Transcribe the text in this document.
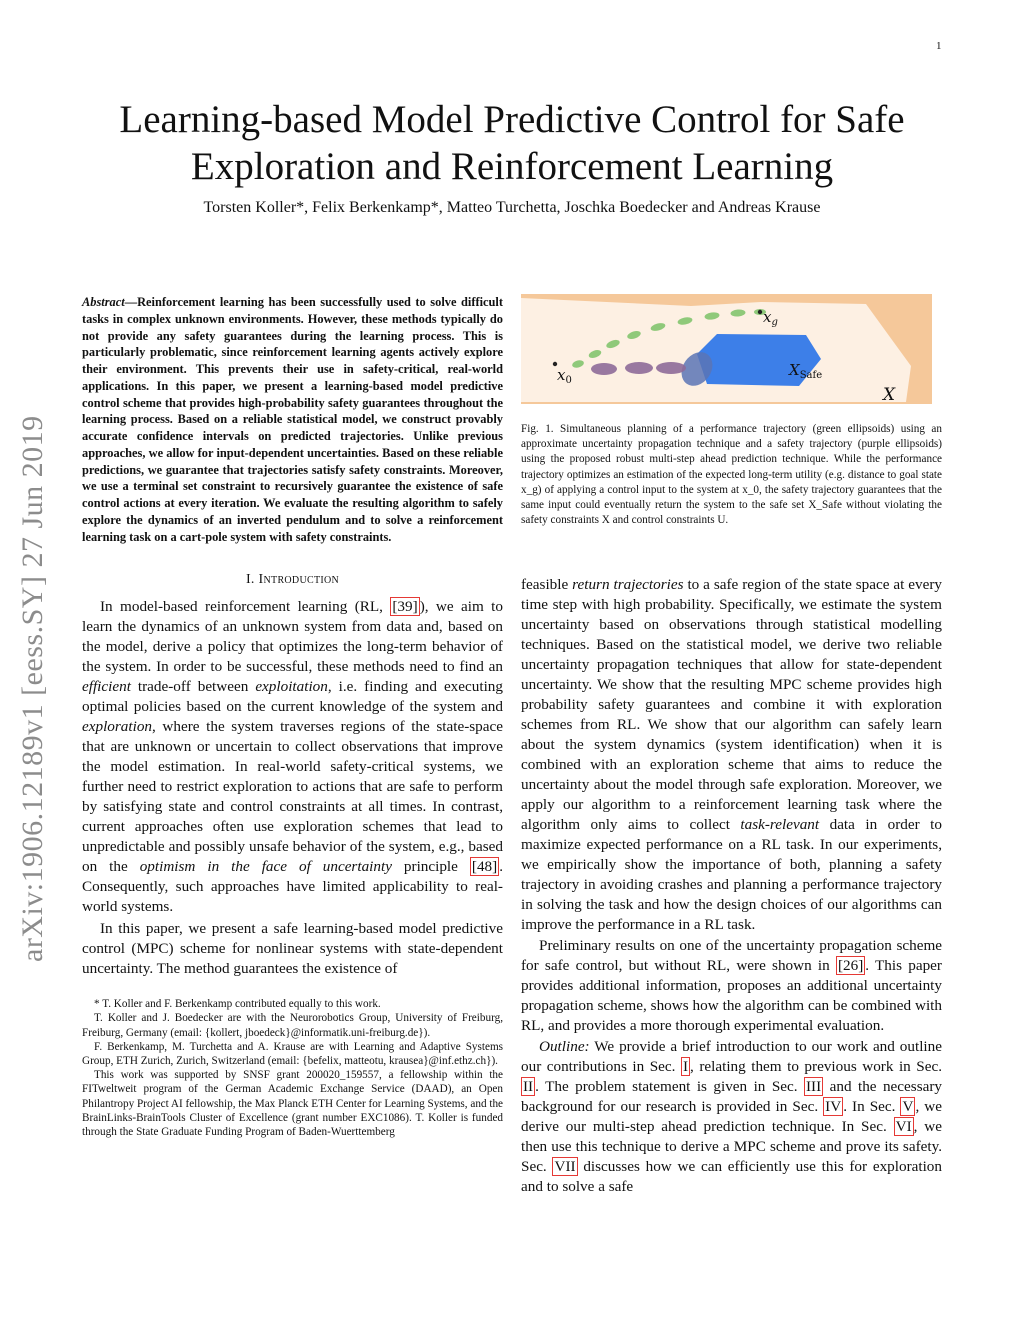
1
arXiv:1906.12189v1 [eess.SY] 27 Jun 2019
Learning-based Model Predictive Control for Safe
Exploration and Reinforcement Learning
Torsten Koller*, Felix Berkenkamp*, Matteo Turchetta, Joschka Boedecker and Andreas Krause
Abstract—Reinforcement learning has been successfully used to solve difficult tasks in complex unknown environments. However, these methods typically do not provide any safety guarantees during the learning process. This is particularly problematic, since reinforcement learning agents actively explore their environment. This prevents their use in safety-critical, real-world applications. In this paper, we present a learning-based model predictive control scheme that provides high-probability safety guarantees throughout the learning process. Based on a reliable statistical model, we construct provably accurate confidence intervals on predicted trajectories. Unlike previous approaches, we allow for input-dependent uncertainties. Based on these reliable predictions, we guarantee that trajectories satisfy safety constraints. Moreover, we use a terminal set constraint to recursively guarantee the existence of safe control actions at every iteration. We evaluate the resulting algorithm to safely explore the dynamics of an inverted pendulum and to solve a reinforcement learning task on a cart-pole system with safety constraints.
I. Introduction

In model-based reinforcement learning (RL, [39] ), we aim to learn the dynamics of an unknown system from data and, based on the model, derive a policy that optimizes the long-term behavior of the system. In order to be successful, these methods need to find an efficient trade-off between exploitation, i.e. finding and executing optimal policies based on the current knowledge of the system and exploration, where the system traverses regions of the state-space that are unknown or uncertain to collect observations that improve the model estimation. In real-world safety-critical systems, we further need to restrict exploration to actions that are safe to perform by satisfying state and control constraints at all times. In contrast, current approaches often use exploration schemes that lead to unpredictable and possibly unsafe behavior of the system, e.g., based on the optimism in the face of uncertainty principle [48] . Consequently, such approaches have limited applicability to real-world systems.

In this paper, we present a safe learning-based model predictive control (MPC) scheme for nonlinear systems with state-dependent uncertainty. The method guarantees the existence of

* T. Koller and F. Berkenkamp contributed equally to this work.

T. Koller and J. Boedecker are with the Neurorobotics Group, University of Freiburg, Freiburg, Germany (email: {kollert, jboedeck}@informatik.uni-freiburg.de}).

F. Berkenkamp, M. Turchetta and A. Krause are with Learning and Adaptive Systems Group, ETH Zurich, Zurich, Switzerland (email: {befelix, matteotu, krausea}@inf.ethz.ch}).

This work was supported by SNSF grant 200020_159557, a fellowship within the FITweltweit program of the German Academic Exchange Service (DAAD), an Open Philantropy Project AI fellowship, the Max Planck ETH Center for Learning Systems, and the BrainLinks-BrainTools Cluster of Excellence (grant number EXC1086). T. Koller is funded through the State Graduate Funding Program of Baden-Wuerttemberg

$x_0$
$x_g$
$X_{Safe}$
X
Fig. 1. Simultaneous planning of a performance trajectory (green ellipsoids) using an approximate uncertainty propagation technique and a safety trajectory (purple ellipsoids) using the proposed robust multi-step ahead prediction technique. While the performance trajectory optimizes an estimation of the expected long-term utility (e.g. distance to goal state x_g) of applying a control input to the system at x_0, the safety trajectory guarantees that the same input could eventually return the system to the safe set X_Safe without violating the safety constraints X and control constraints U.

feasible return trajectories to a safe region of the state space at every time step with high probability. Specifically, we estimate the system uncertainty based on observations through statistical modelling techniques. Based on the statistical model, we derive two reliable uncertainty propagation techniques that allow for state-dependent uncertainty. We show that the resulting MPC scheme provides high probability safety guarantees and combine it with exploration schemes from RL. We show that our algorithm can safely learn about the system dynamics (system identification) when it is combined with an exploration scheme that aims to reduce the uncertainty about the model through safe exploration. Moreover, we apply our algorithm to a reinforcement learning task where the algorithm only aims to collect task-relevant data in order to maximize expected performance on a RL task. In our experiments, we empirically show the importance of both, planning a safety trajectory in avoiding crashes and planning a performance trajectory in solving the task and how the design choices of our algorithms can improve the performance in a RL task.

Preliminary results on one of the uncertainty propagation scheme for safe control, but without RL, were shown in [26] . This paper provides additional information, proposes an additional uncertainty propagation scheme, shows how the algorithm can be combined with RL, and provides a more thorough experimental evaluation.

Outline: We provide a brief introduction to our work and outline our contributions in Sec. I , relating them to previous work in Sec. II . The problem statement is given in Sec. III and the necessary background for our research is provided in Sec. IV . In Sec. V , we derive our multi-step ahead prediction technique. In Sec. VI , we then use this technique to derive a MPC scheme and prove its safety. Sec. VII discusses how we can efficiently use this for exploration and to solve a safe
